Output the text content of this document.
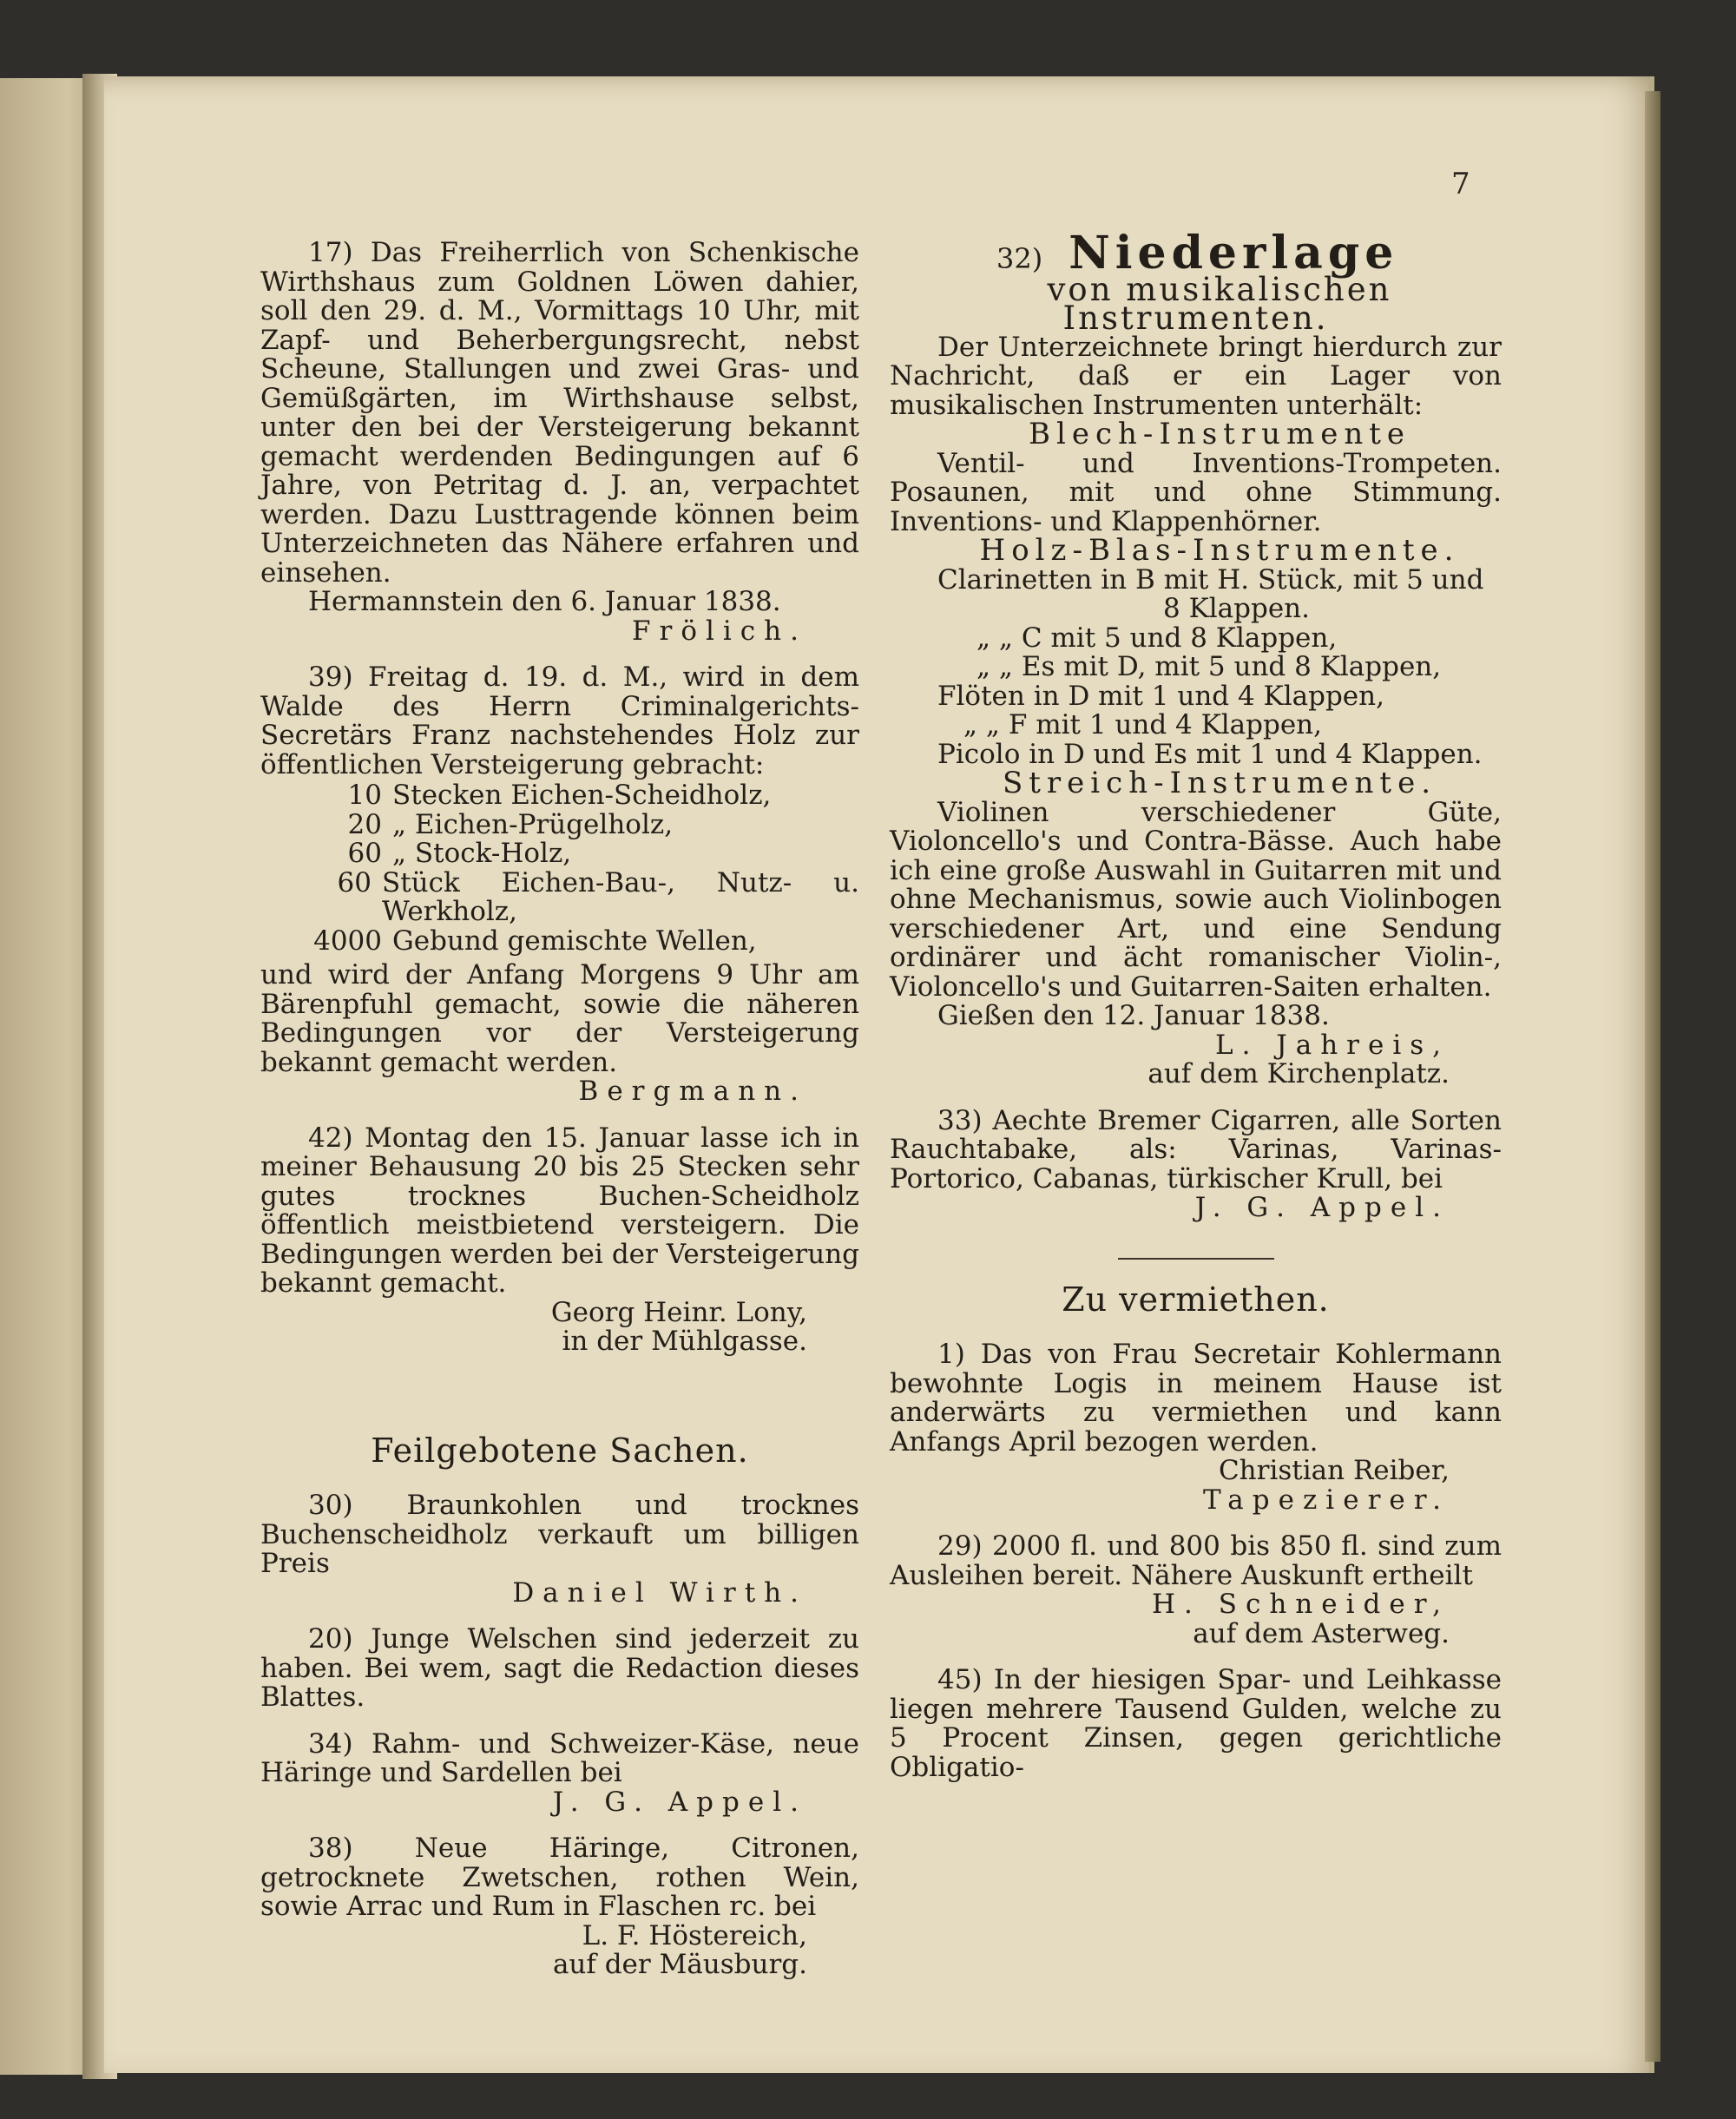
7

17) Das Freiherrlich von Schenkische Wirthshaus zum Goldnen Löwen dahier, soll den 29. d. M., Vormittags 10 Uhr, mit Zapf- und Beherbergungsrecht, nebst Scheune, Stallungen und zwei Gras- und Gemüßgärten, im Wirthshause selbst, unter den bei der Versteigerung bekannt gemacht werdenden Bedingungen auf 6 Jahre, von Petritag d. J. an, verpachtet werden. Dazu Lusttragende können beim Unterzeichneten das Nähere erfahren und einsehen.

Hermannstein den 6. Januar 1838.

Frölich.

39) Freitag d. 19. d. M., wird in dem Walde des Herrn Criminalgerichts-Secretärs Franz nachstehendes Holz zur öffentlichen Versteigerung gebracht:

10 Stecken Eichen-Scheidholz,
20 „ Eichen-Prügelholz,
60 „ Stock-Holz,
60 Stück Eichen-Bau-, Nutz- u. Werkholz,
4000 Gebund gemischte Wellen,

und wird der Anfang Morgens 9 Uhr am Bärenpfuhl gemacht, sowie die näheren Bedingungen vor der Versteigerung bekannt gemacht werden.

Bergmann.

42) Montag den 15. Januar lasse ich in meiner Behausung 20 bis 25 Stecken sehr gutes trocknes Buchen-Scheidholz öffentlich meistbietend versteigern. Die Bedingungen werden bei der Versteigerung bekannt gemacht.

Georg Heinr. Lony,

in der Mühlgasse.

Feilgebotene Sachen.

30) Braunkohlen und trocknes Buchenscheidholz verkauft um billigen Preis

Daniel Wirth.

20) Junge Welschen sind jederzeit zu haben. Bei wem, sagt die Redaction dieses Blattes.

34) Rahm- und Schweizer-Käse, neue Häringe und Sardellen bei

J. G. Appel.

38) Neue Häringe, Citronen, getrocknete Zwetschen, rothen Wein, sowie Arrac und Rum in Flaschen rc. bei

L. F. Höstereich,

auf der Mäusburg.

32) Niederlage

von musikalischen Instrumenten.

Der Unterzeichnete bringt hierdurch zur Nachricht, daß er ein Lager von musikalischen Instrumenten unterhält:

Blech-Instrumente

Ventil- und Inventions-Trompeten. Posaunen, mit und ohne Stimmung. Inventions- und Klappenhörner.

Holz-Blas-Instrumente.

Clarinetten in B mit H. Stück, mit 5 und

8 Klappen.

„ „ C mit 5 und 8 Klappen,

„ „ Es mit D, mit 5 und 8 Klappen,

Flöten in D mit 1 und 4 Klappen,

„ „ F mit 1 und 4 Klappen,

Picolo in D und Es mit 1 und 4 Klappen.

Streich-Instrumente.

Violinen verschiedener Güte, Violoncello's und Contra-Bässe. Auch habe ich eine große Auswahl in Guitarren mit und ohne Mechanismus, sowie auch Violinbogen verschiedener Art, und eine Sendung ordinärer und ächt romanischer Violin-, Violoncello's und Guitarren-Saiten erhalten.

Gießen den 12. Januar 1838.

L. Jahreis,

auf dem Kirchenplatz.

33) Aechte Bremer Cigarren, alle Sorten Rauchtabake, als: Varinas, Varinas-Portorico, Cabanas, türkischer Krull, bei

J. G. Appel.

Zu vermiethen.

1) Das von Frau Secretair Kohlermann bewohnte Logis in meinem Hause ist anderwärts zu vermiethen und kann Anfangs April bezogen werden.

Christian Reiber,

Tapezierer.

29) 2000 fl. und 800 bis 850 fl. sind zum Ausleihen bereit. Nähere Auskunft ertheilt

H. Schneider,

auf dem Asterweg.

45) In der hiesigen Spar- und Leihkasse liegen mehrere Tausend Gulden, welche zu 5 Procent Zinsen, gegen gerichtliche Obligatio-
